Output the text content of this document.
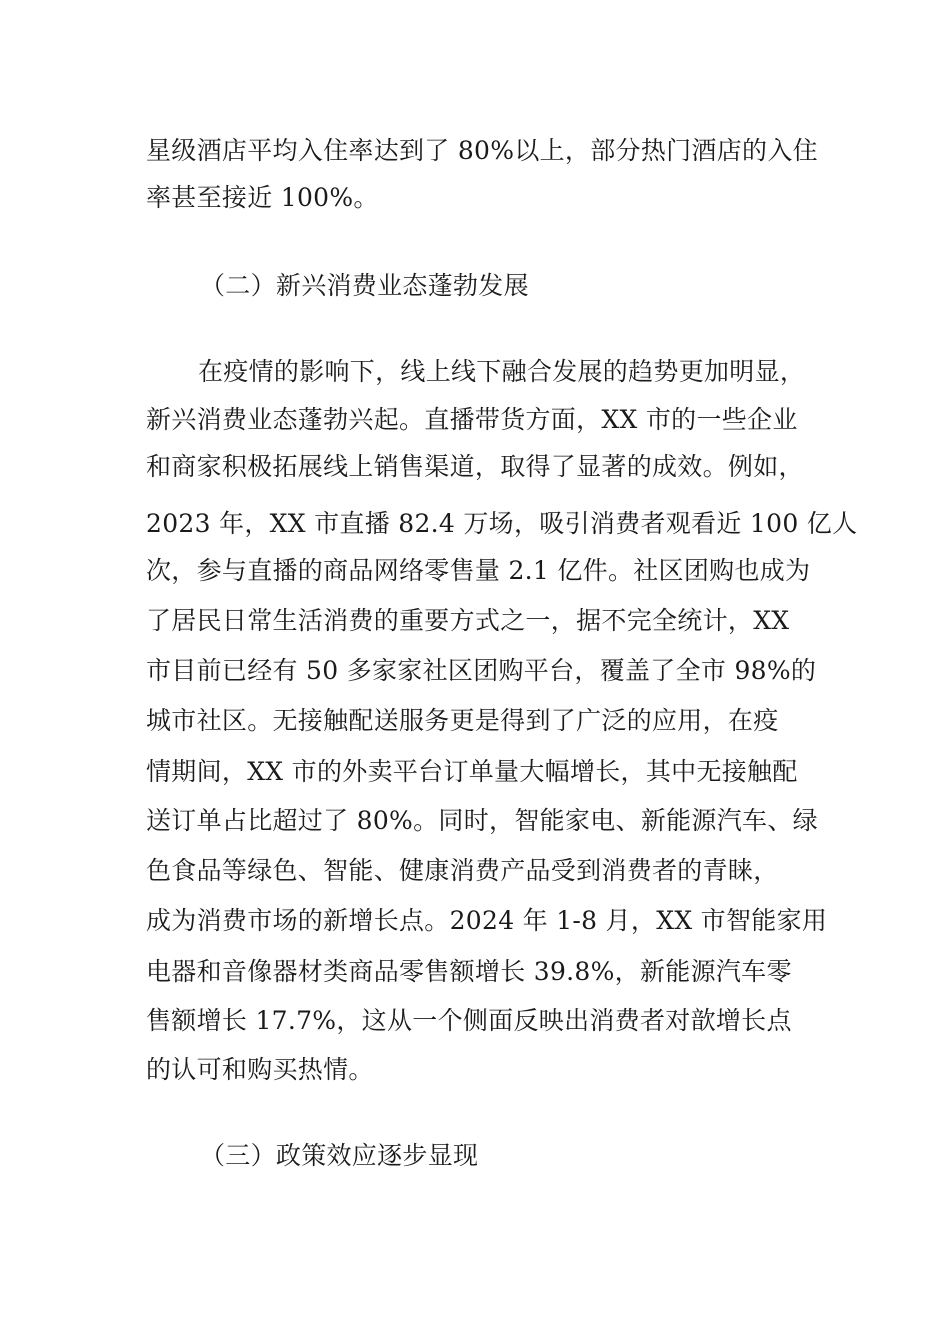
星级酒店平均入住率达到了 80%以上，部分热门酒店的入住
率甚至接近 100%。
（二）新兴消费业态蓬勃发展
在疫情的影响下，线上线下融合发展的趋势更加明显，
新兴消费业态蓬勃兴起。直播带货方面，XX 市的一些企业
和商家积极拓展线上销售渠道，取得了显著的成效。例如，
2023 年，XX 市直播 82.4 万场，吸引消费者观看近 100 亿人
次，参与直播的商品网络零售量 2.1 亿件。社区团购也成为
了居民日常生活消费的重要方式之一，据不完全统计，XX
市目前已经有 50 多家家社区团购平台，覆盖了全市 98%的
城市社区。无接触配送服务更是得到了广泛的应用，在疫
情期间，XX 市的外卖平台订单量大幅增长，其中无接触配
送订单占比超过了 80%。同时，智能家电、新能源汽车、绿
色食品等绿色、智能、健康消费产品受到消费者的青睐，
成为消费市场的新增长点。2024 年 1-8 月，XX 市智能家用
电器和音像器材类商品零售额增长 39.8%，新能源汽车零
售额增长 17.7%，这从一个侧面反映出消费者对歆增长点
的认可和购买热情。
（三）政策效应逐步显现
